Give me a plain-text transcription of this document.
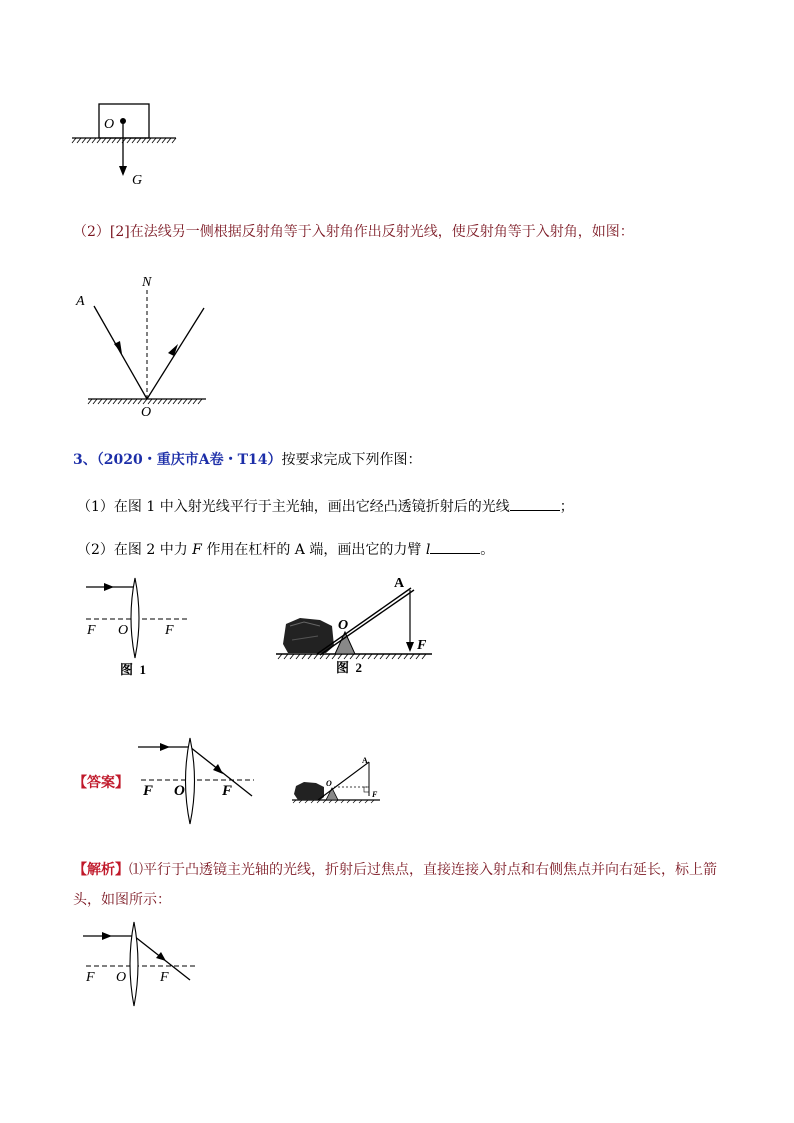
O
G
（2）[2]在法线另一侧根据反射角等于入射角作出反射光线，使反射角等于入射角，如图：
A
N
O
3、（2020・重庆市A卷・T14）按要求完成下列作图：
（1）在图 1 中入射光线平行于主光轴，画出它经凸透镜折射后的光线	；
（2）在图 2 中力 F 作用在杠杆的 A 端，画出它的力臂 l	。
F O	F
图  1
A
O
F
图  2
【答案】 F O F
A
O
F
【解析】⑴平行于凸透镜主光轴的光线，折射后过焦点，直接连接入射点和右侧焦点并向右延长，标上箭头，如图所示：
F O F
